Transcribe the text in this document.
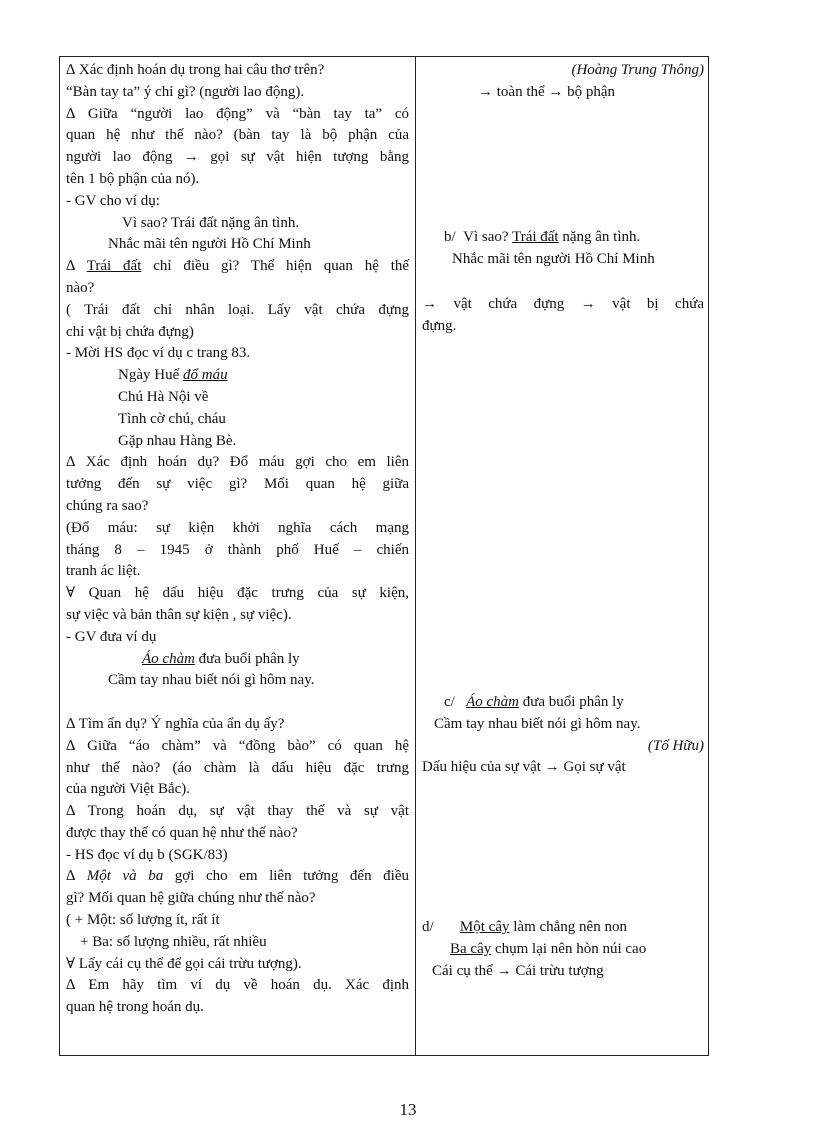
∆ Xác định hoán dụ trong hai câu thơ trên?
“Bàn tay ta” ý chỉ gì? (người lao động).
∆ Giữa “người lao động” và “bàn tay ta” có
quan hệ như thế nào? (bàn tay là bộ phận của
người lao động → gọi sự vật hiện tượng bằng
tên 1 bộ phận của nó).
- GV cho ví dụ:
Vì sao? Trái đất nặng ân tình.
Nhắc mãi tên người Hồ Chí Minh
∆ Trái đất chỉ điều gì? Thể hiện quan hệ thế
nào?
( Trái đất chỉ nhân loại. Lấy vật chứa đựng
chỉ vật bị chứa đựng)
- Mời HS đọc ví dụ c trang 83.
Ngày Huế đổ máu
Chú Hà Nội về
Tình cờ chú, cháu
Gặp nhau Hàng Bè.
∆ Xác định hoán dụ? Đổ máu gợi cho em liên
tưởng đến sự việc gì? Mối quan hệ giữa
chúng ra sao?
(Đổ máu: sự kiện khởi nghĩa cách mạng
tháng 8 – 1945 ở thành phố Huế – chiến
tranh ác liệt.
∀ Quan hệ dấu hiệu đặc trưng của sự kiện,
sự việc và bản thân sự kiện , sự việc).
- GV đưa ví dụ
Áo chàm đưa buổi phân ly
Cầm tay nhau biết nói gì hôm nay.

∆ Tìm ẩn dụ? Ý nghĩa của ẩn dụ ấy?
∆ Giữa “áo chàm” và “đồng bào” có quan hệ
như thế nào? (áo chàm là dấu hiệu đặc trưng
của người Việt Bắc).
∆ Trong hoán dụ, sự vật thay thế và sự vật
được thay thế có quan hệ như thế nào?
- HS đọc ví dụ b (SGK/83)
∆ Một và ba gợi cho em liên tưởng đến điều
gì? Mối quan hệ giữa chúng như thế nào?
( + Một: số lượng ít, rất ít
+ Ba: số lượng nhiều, rất nhiều
∀ Lấy cái cụ thể để gọi cái trừu tượng).
∆ Em hãy tìm ví dụ về hoán dụ. Xác định
quan hệ trong hoán dụ.
(Hoàng Trung Thông)
→ toàn thể → bộ phận
b/ Vì sao? Trái đất nặng ân tình.
Nhắc mãi tên người Hồ Chí Minh
→ vật chứa đựng → vật bị chứa
đựng.
c/ Áo chàm đưa buổi phân ly
Cầm tay nhau biết nói gì hôm nay.
(Tố Hữu)
Dấu hiệu của sự vật → Gọi sự vật
d/ Một cây làm chẳng nên non
Ba cây chụm lại nên hòn núi cao
Cái cụ thể → Cái trừu tượng
13
